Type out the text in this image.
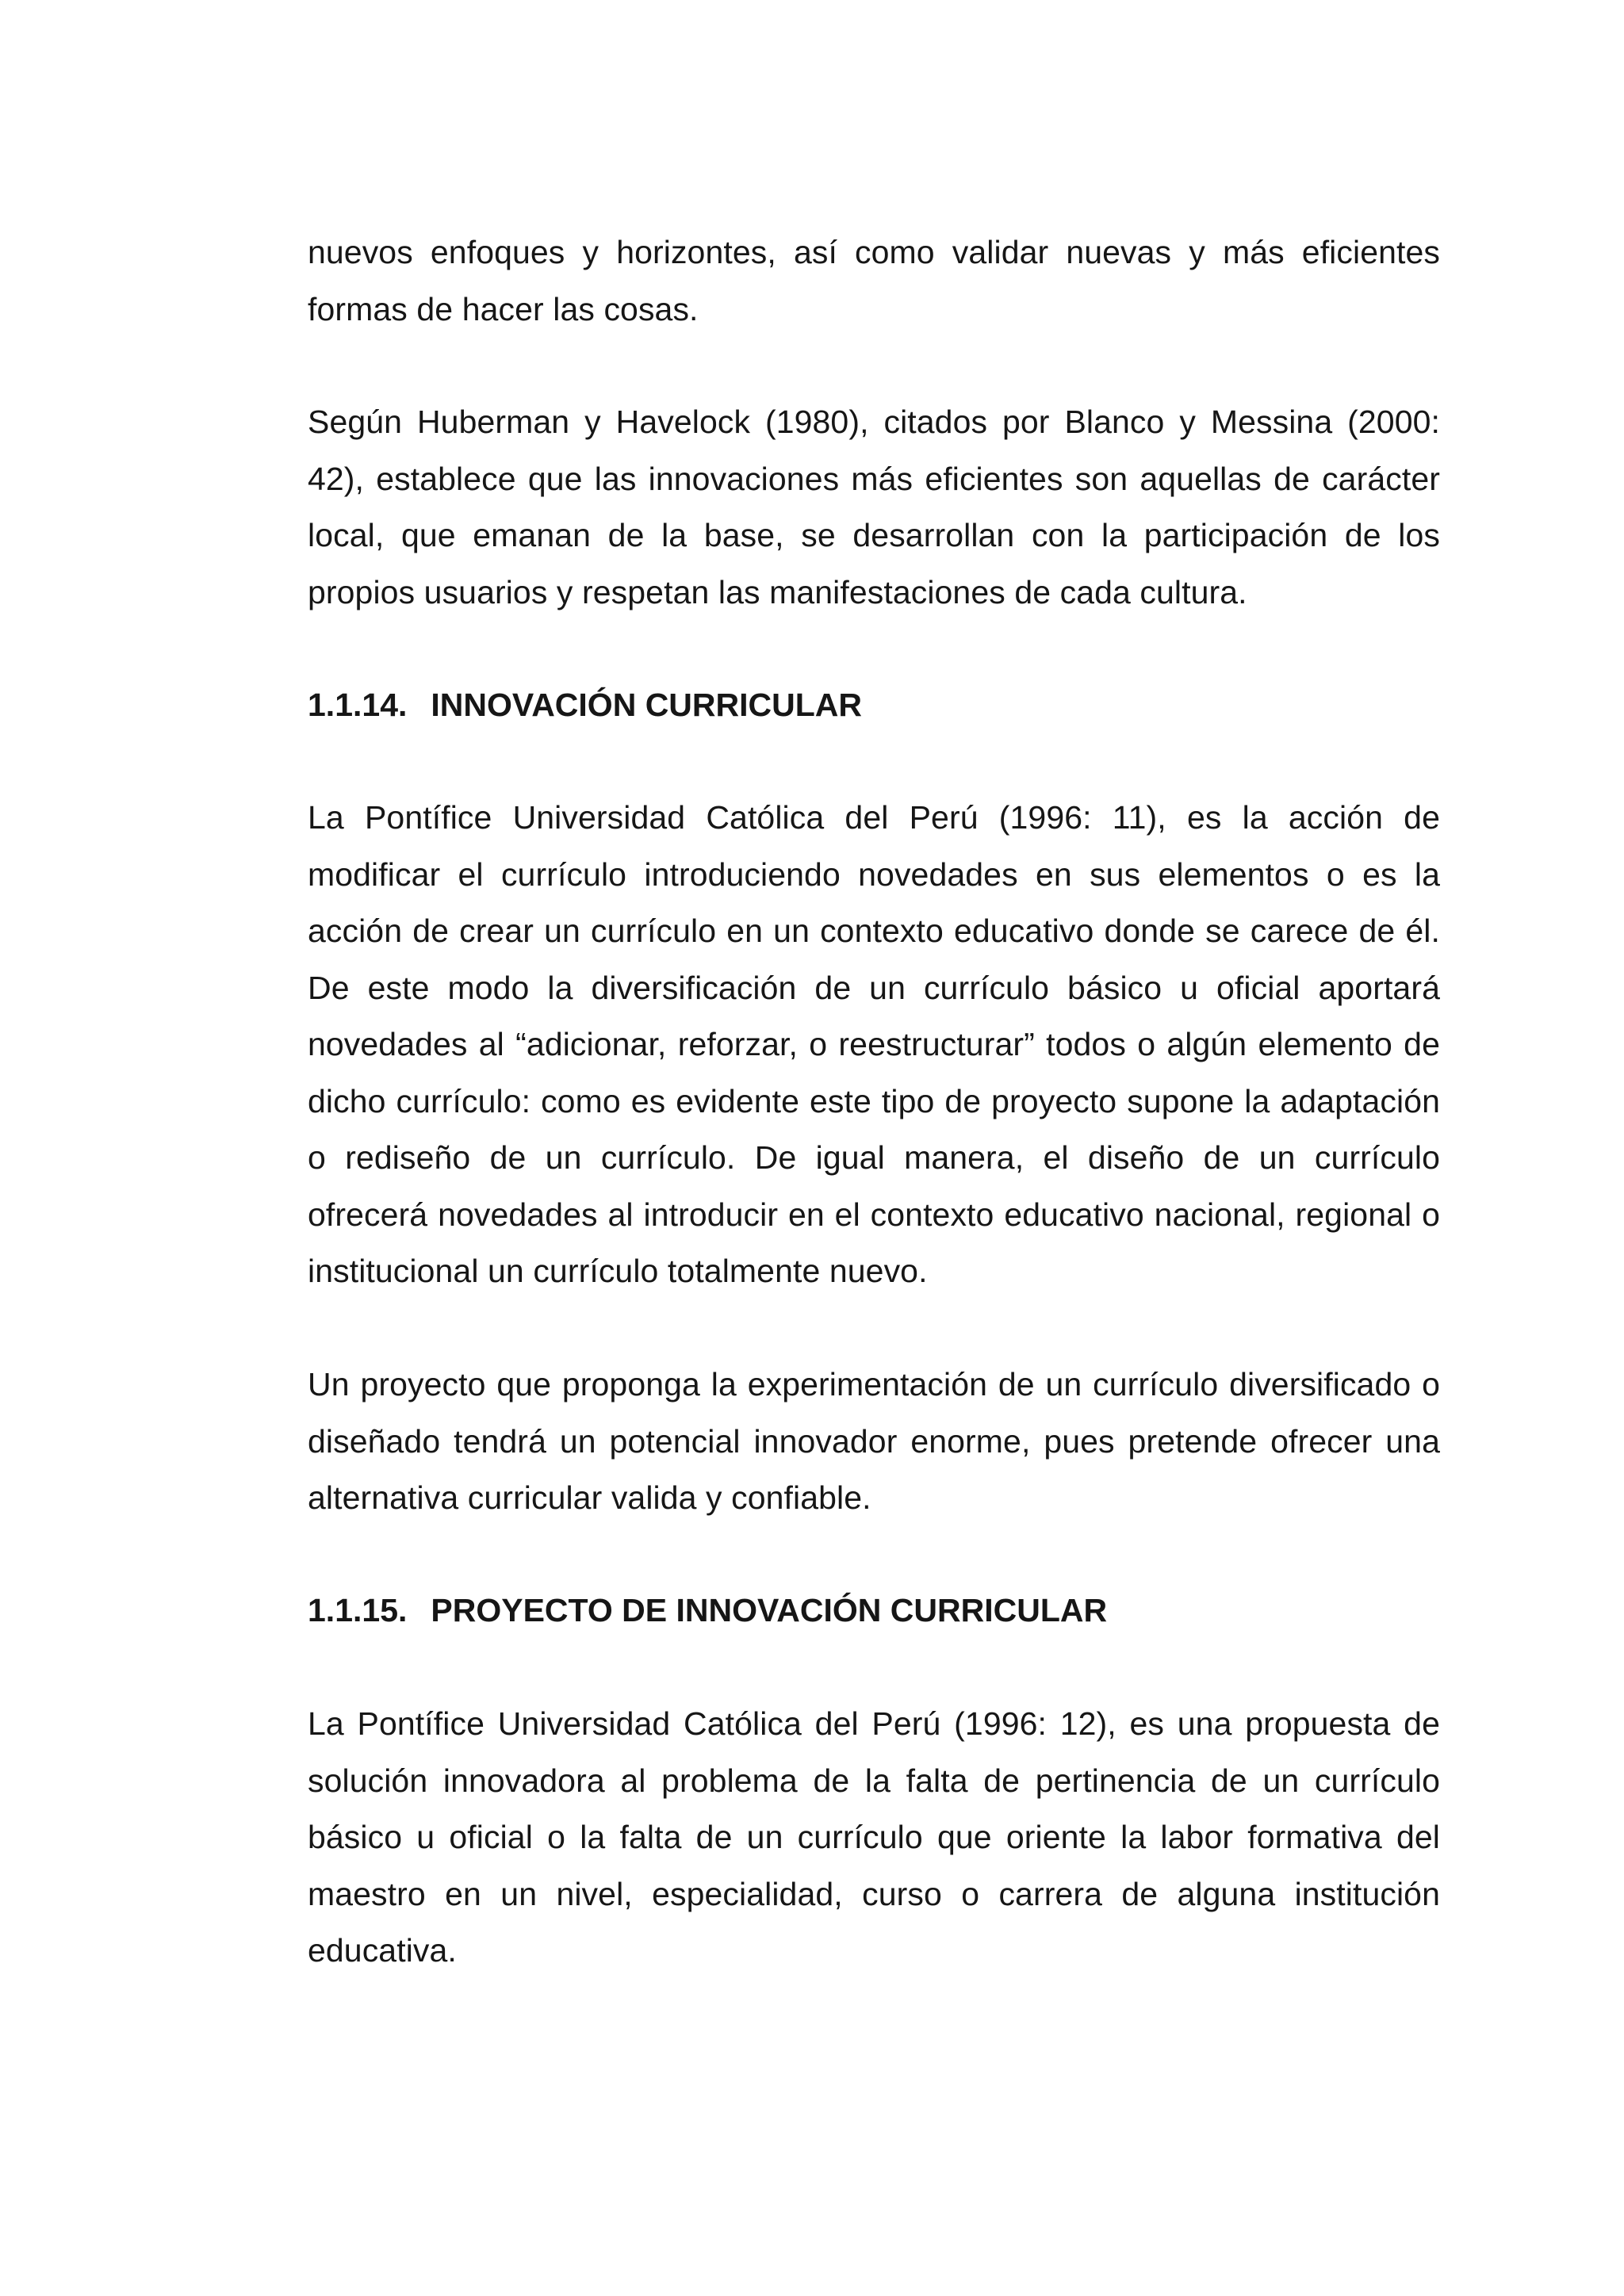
nuevos enfoques y horizontes, así como validar nuevas y más eficientes formas de hacer las cosas.

Según Huberman y Havelock (1980), citados por Blanco y Messina (2000: 42), establece que las innovaciones más eficientes son aquellas de carácter local, que emanan de la base, se desarrollan con la participación de los propios usuarios y respetan las manifestaciones de cada cultura.

1.1.14. INNOVACIÓN CURRICULAR

La Pontífice Universidad Católica del Perú (1996: 11), es la acción de modificar el currículo introduciendo novedades en sus elementos o es la acción de crear un currículo en un contexto educativo donde se carece de él. De este modo la diversificación de un currículo básico u oficial aportará novedades al “adicionar, reforzar, o reestructurar” todos o algún elemento de dicho currículo: como es evidente este tipo de proyecto supone la adaptación o rediseño de un currículo. De igual manera, el diseño de un currículo ofrecerá novedades al introducir en el contexto educativo nacional, regional o institucional un currículo totalmente nuevo.

Un proyecto que proponga la experimentación de un currículo diversificado o diseñado tendrá un potencial innovador enorme, pues pretende ofrecer una alternativa curricular valida y confiable.

1.1.15. PROYECTO DE INNOVACIÓN CURRICULAR

La Pontífice Universidad Católica del Perú (1996: 12), es una propuesta de solución innovadora al problema de la falta de pertinencia de un currículo básico u oficial o la falta de un currículo que oriente la labor formativa del maestro en un nivel, especialidad, curso o carrera de alguna institución educativa.
